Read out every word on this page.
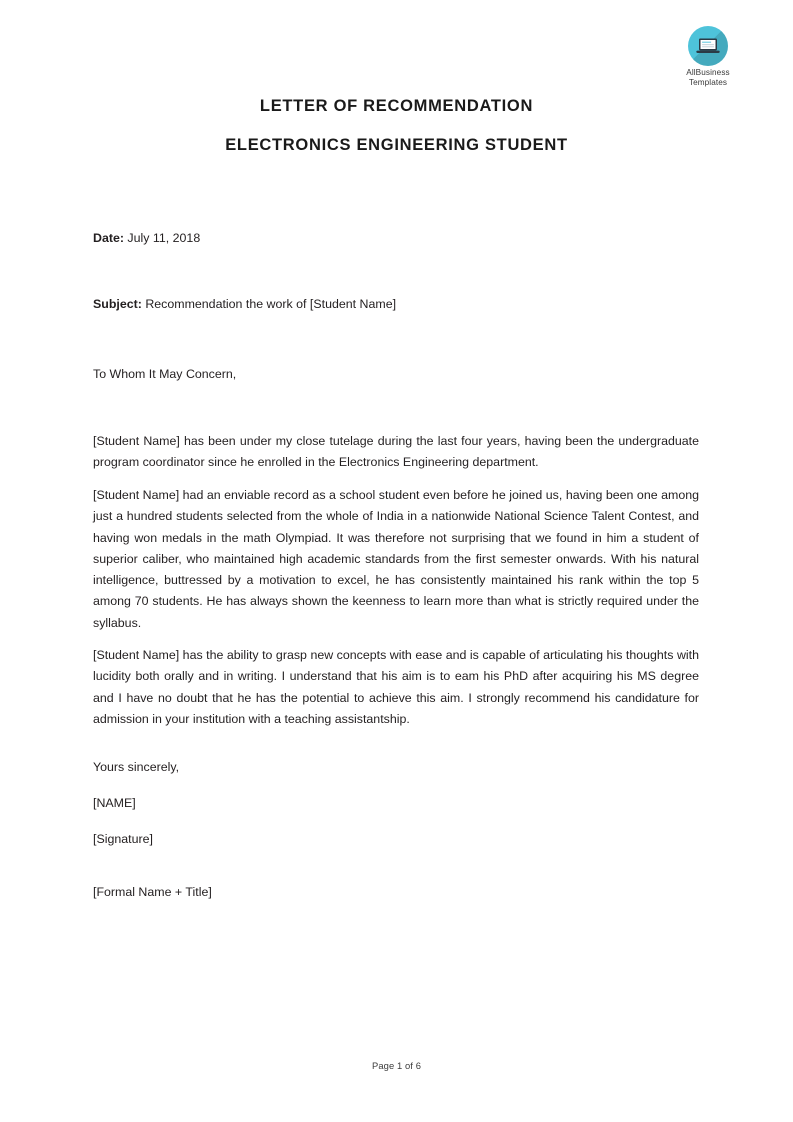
AllBusiness
Templates
LETTER OF RECOMMENDATION
ELECTRONICS ENGINEERING STUDENT
Date: July 11, 2018
Subject: Recommendation the work of [Student Name]
To Whom It May Concern,
[Student Name] has been under my close tutelage during the last four years, having been the undergraduate program coordinator since he enrolled in the Electronics Engineering department.
[Student Name] had an enviable record as a school student even before he joined us, having been one among just a hundred students selected from the whole of India in a nationwide National Science Talent Contest, and having won medals in the math Olympiad. It was therefore not surprising that we found in him a student of superior caliber, who maintained high academic standards from the first semester onwards. With his natural intelligence, buttressed by a motivation to excel, he has consistently maintained his rank within the top 5 among 70 students. He has always shown the keenness to learn more than what is strictly required under the syllabus.
[Student Name] has the ability to grasp new concepts with ease and is capable of articulating his thoughts with lucidity both orally and in writing. I understand that his aim is to eam his PhD after acquiring his MS degree and I have no doubt that he has the potential to achieve this aim. I strongly recommend his candidature for admission in your institution with a teaching assistantship.
Yours sincerely,
[NAME]
[Signature]
[Formal Name + Title]
Page 1 of 6
